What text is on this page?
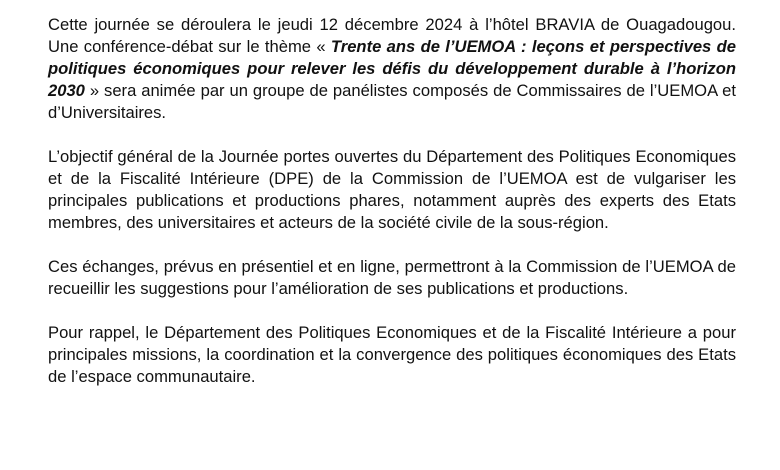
Cette journée se déroulera le jeudi 12 décembre 2024 à l’hôtel BRAVIA de Ouagadougou. Une conférence-débat sur le thème « Trente ans de l’UEMOA : leçons et perspectives de politiques économiques pour relever les défis du développement durable à l’horizon 2030 » sera animée par un groupe de panélistes composés de Commissaires de l’UEMOA et d’Universitaires.

L’objectif général de la Journée portes ouvertes du Département des Politiques Economiques et de la Fiscalité Intérieure (DPE) de la Commission de l’UEMOA est de vulgariser les principales publications et productions phares, notamment auprès des experts des Etats membres, des universitaires et acteurs de la société civile de la sous-région.

Ces échanges, prévus en présentiel et en ligne, permettront à la Commission de l’UEMOA de recueillir les suggestions pour l’amélioration de ses publications et productions.

Pour rappel, le Département des Politiques Economiques et de la Fiscalité Intérieure a pour principales missions, la coordination et la convergence des politiques économiques des Etats de l’espace communautaire.
